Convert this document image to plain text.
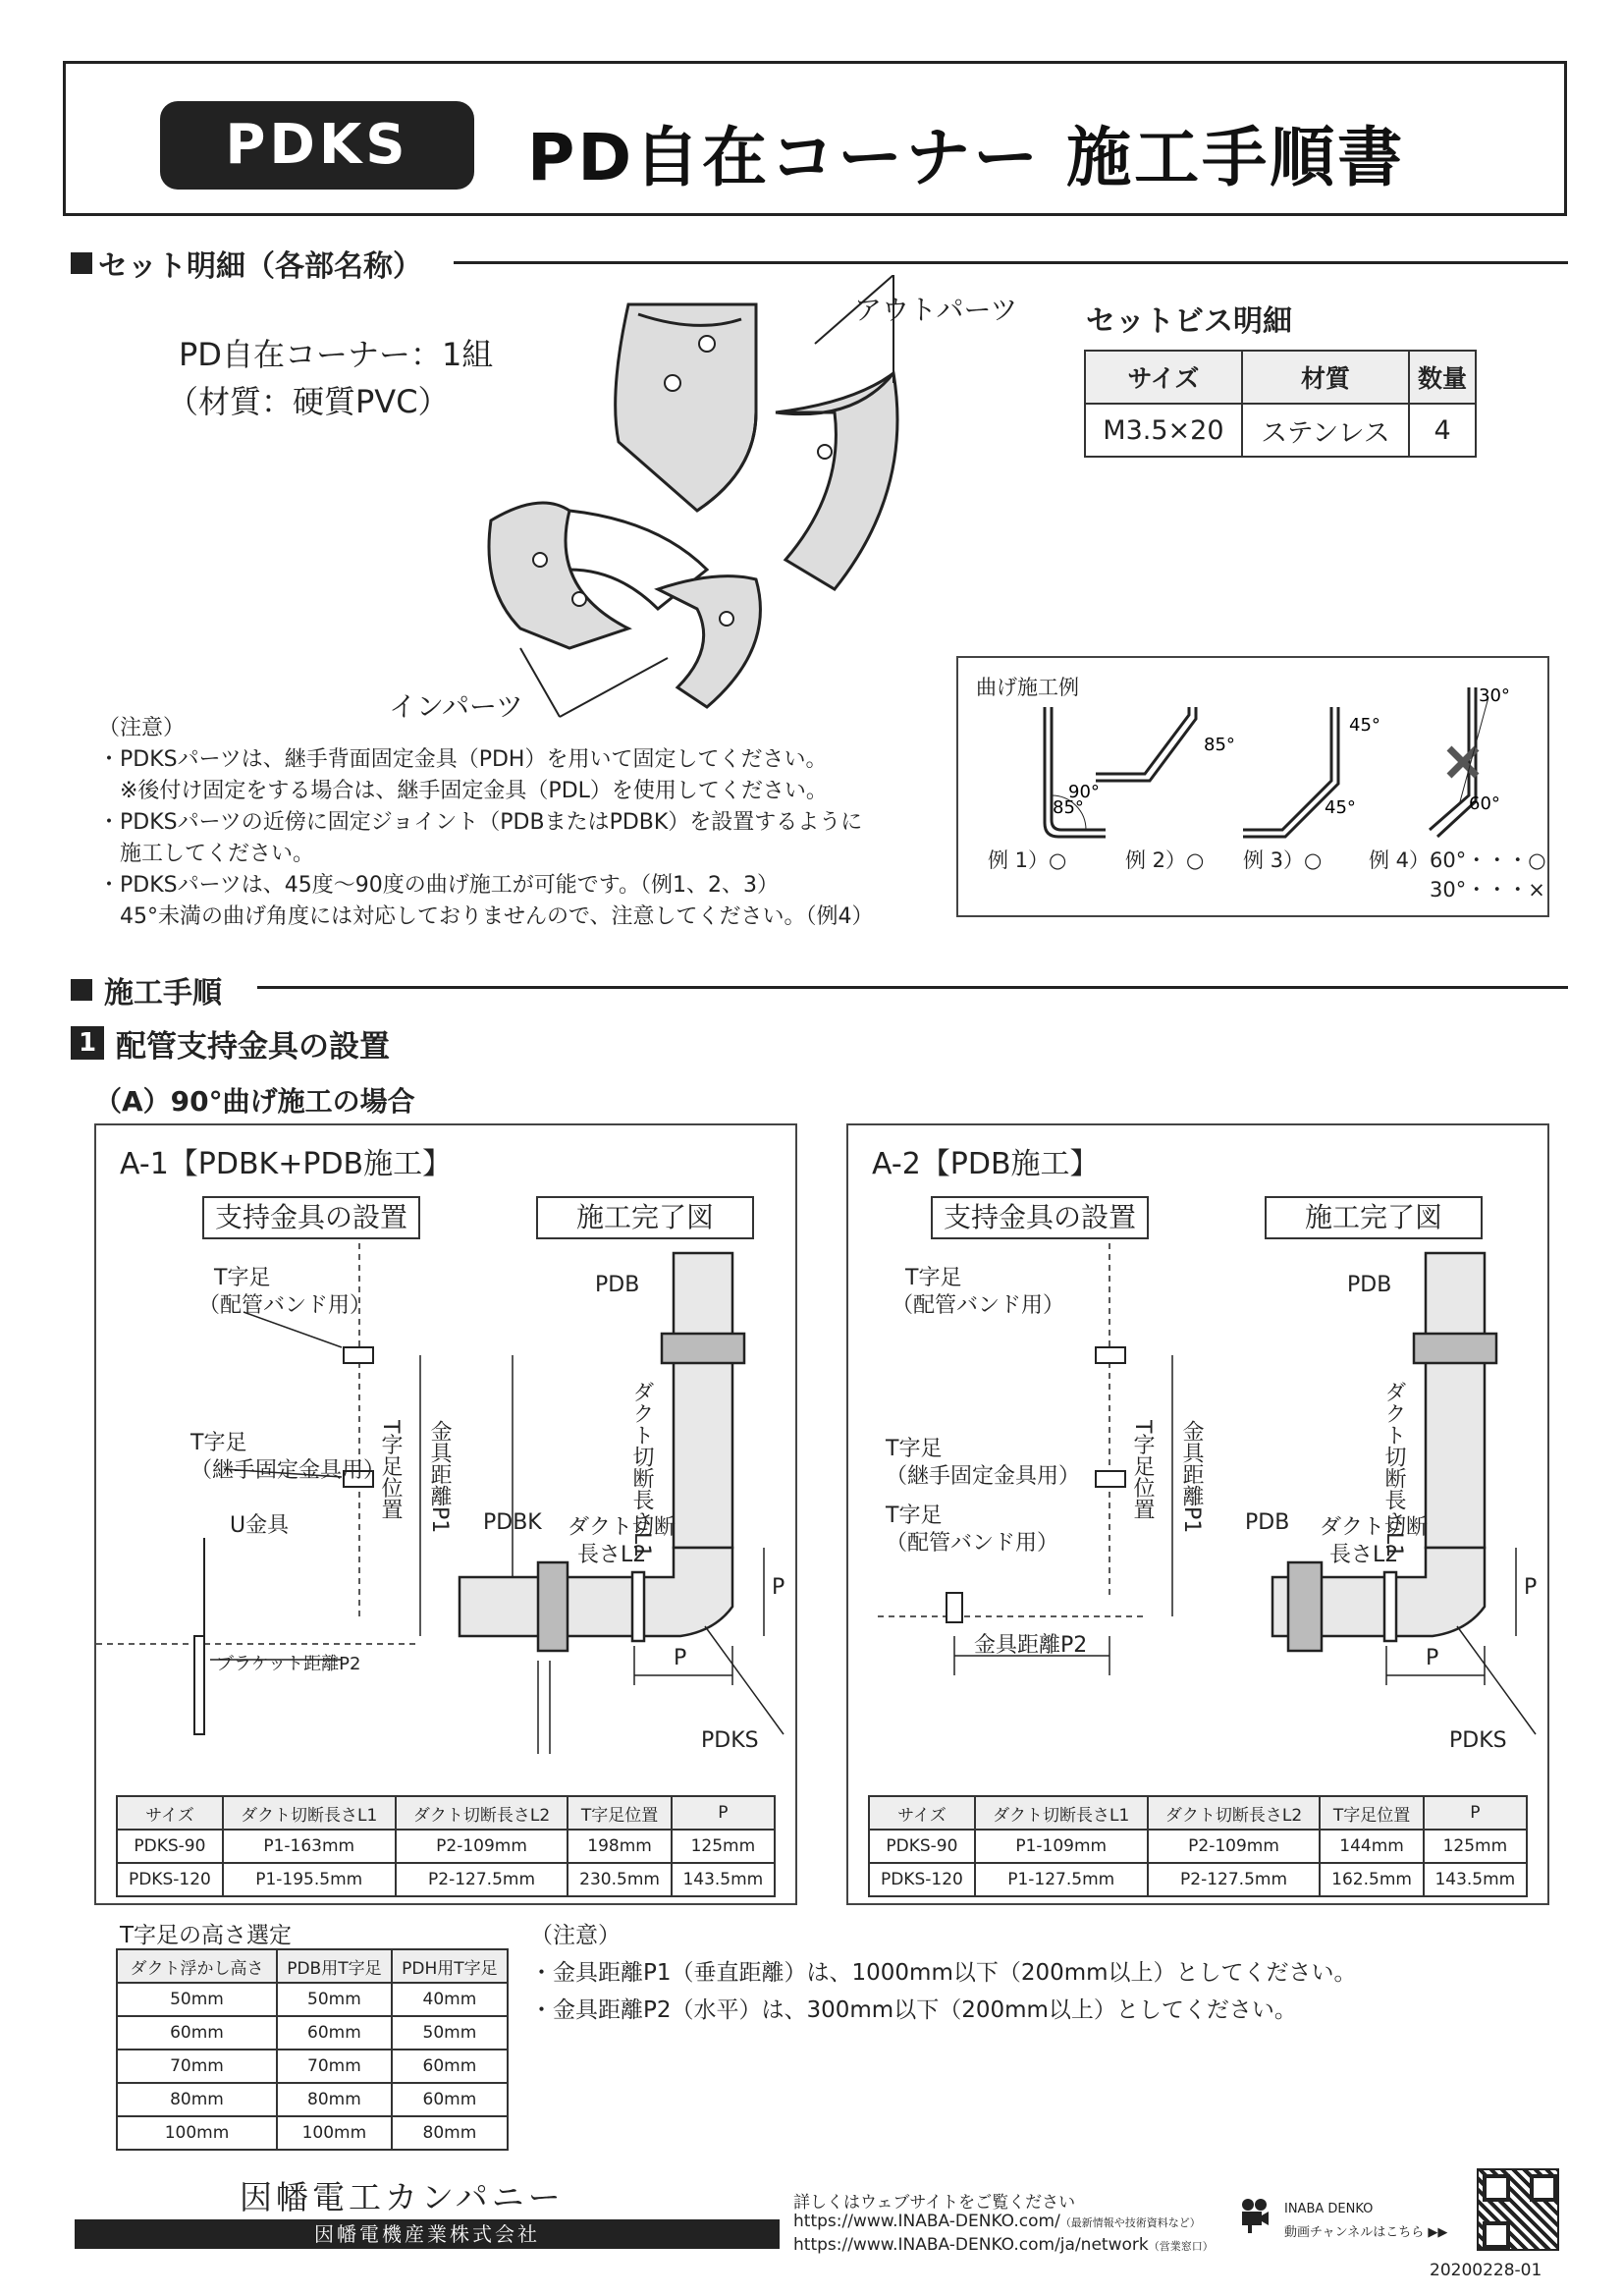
PDKS	PD自在コーナー 施工手順書
セット明細（各部名称）
PD自在コーナー：1組
（材質：硬質PVC）
アウトパーツ
インパーツ
セットビス明細
サイズ	材質	数量
M3.5×20	ステンレス	4
（注意）
・PDKSパーツは、継手背面固定金具（PDH）を用いて固定してください。
　※後付け固定をする場合は、継手固定金具（PDL）を使用してください。
・PDKSパーツの近傍に固定ジョイント（PDBまたはPDBK）を設置するように
　施工してください。
・PDKSパーツは、45度～90度の曲げ施工が可能です。（例1、2、3）
　45°未満の曲げ角度には対応しておりませんので、注意してください。（例4）
曲げ施工例
90°
85°
85°
45°
45°
30°
60°
例 1）○	例 2）○ 例 3）○ 例 4）60°・・・○
30°・・・×
施工手順
1 配管支持金具の設置
（A）90°曲げ施工の場合
A-1【PDBK+PDB施工】
支持金具の設置	施工完了図
T字足
（配管バンド用）
T字足
（継手固定金具用）
U金具
T字足位置 金具距離P1
ブラケット距離P2
PDB
PDBK	ダクト切断長さL1
ダクト切断
長さL2
P
P
PDKS
サイズ	ダクト切断長さL1	ダクト切断長さL2	T字足位置	P
PDKS-90	P1-163mm	P2-109mm	198mm	125mm
PDKS-120	P1-195.5mm	P2-127.5mm	230.5mm	143.5mm
A-2【PDB施工】
支持金具の設置	施工完了図
T字足
（配管バンド用）
T字足
（継手固定金具用）
T字足
（配管バンド用）
T字足位置 金具距離P1
金具距離P2
PDB
PDB	ダクト切断長さL1
ダクト切断
長さL2
P
P
PDKS
サイズ	ダクト切断長さL1	ダクト切断長さL2	T字足位置	P
PDKS-90	P1-109mm	P2-109mm	144mm	125mm
PDKS-120	P1-127.5mm	P2-127.5mm	162.5mm	143.5mm
T字足の高さ選定
ダクト浮かし高さ	PDB用T字足	PDH用T字足
50mm	50mm	40mm
60mm	60mm	50mm
70mm	70mm	60mm
80mm	80mm	60mm
100mm	100mm	80mm
（注意）
・金具距離P1（垂直距離）は、1000mm以下（200mm以上）としてください。
・金具距離P2（水平）は、300mm以下（200mm以上）としてください。
因幡電工カンパニー
因幡電機産業株式会社
詳しくはウェブサイトをご覧ください
https://www.INABA-DENKO.com/（最新情報や技術資料など）
https://www.INABA-DENKO.com/ja/network（営業窓口）
INABA DENKO
動画チャンネルはこちら ▶▶
20200228-01
